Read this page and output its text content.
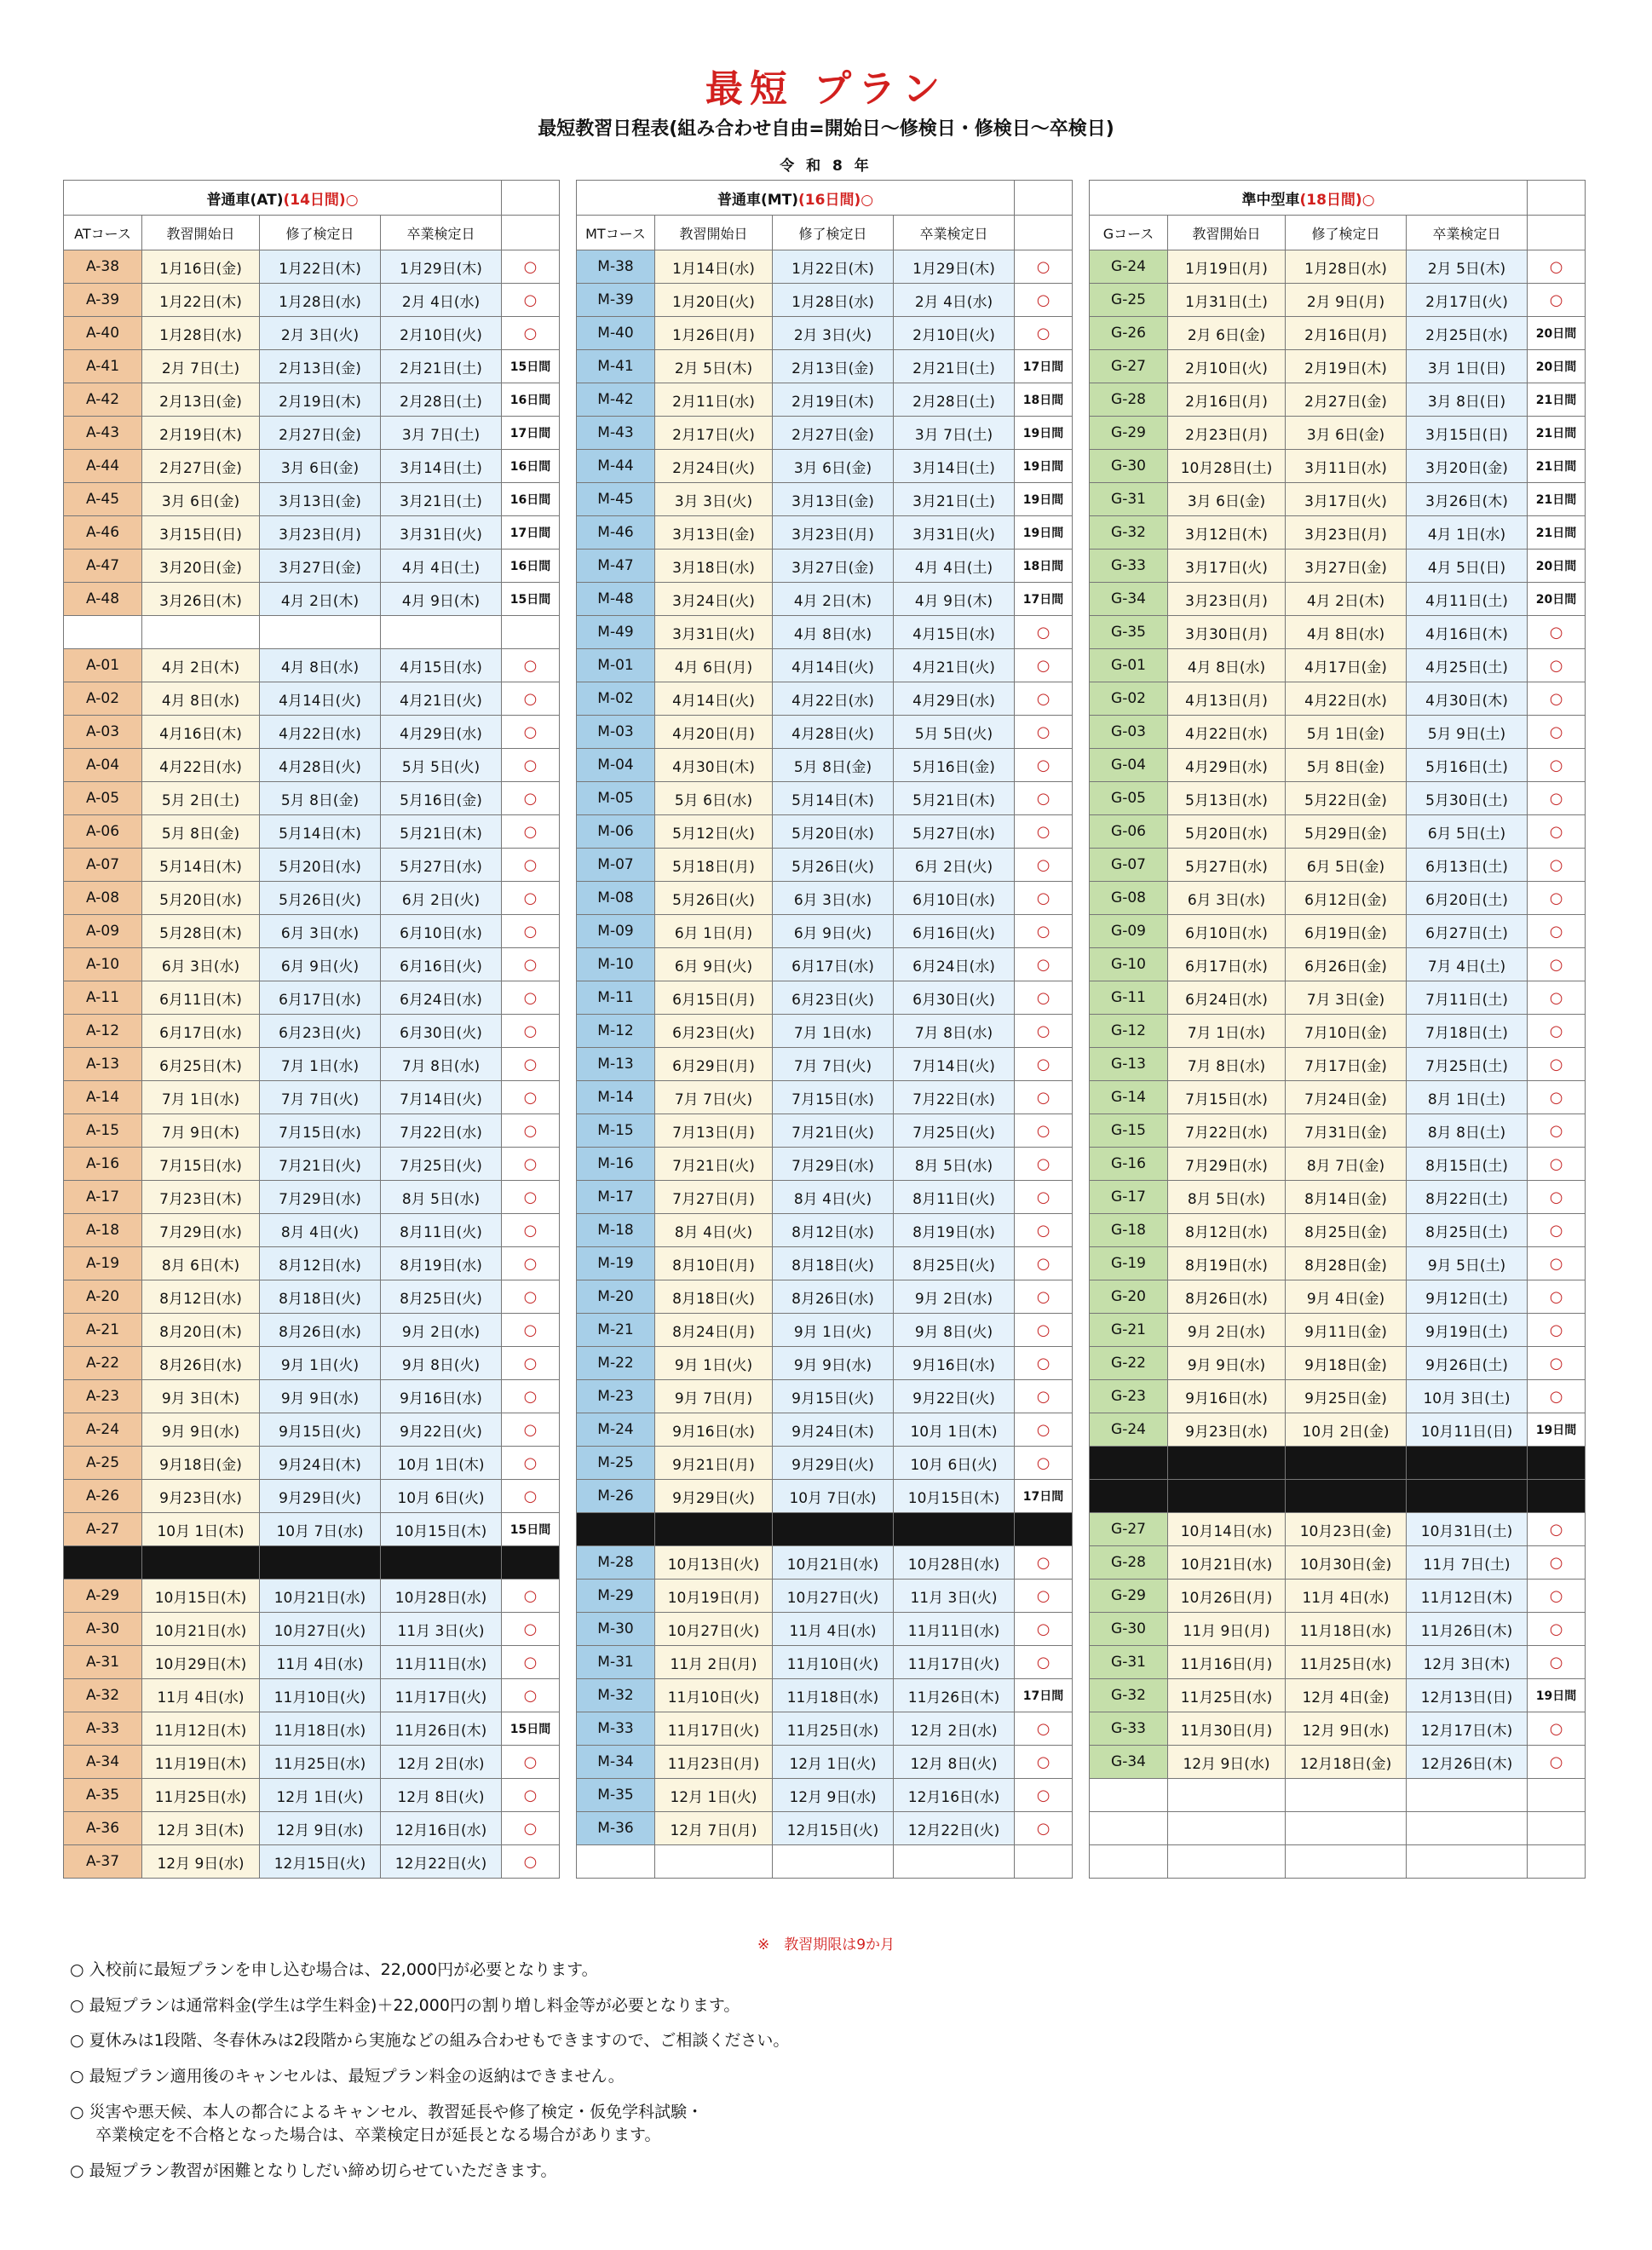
最短 プラン
最短教習日程表(組み合わせ自由=開始日～修検日・修検日～卒検日)
令 和 8 年
普通車(AT)(14日間)○				
ATコース	教習開始日	修了検定日	卒業検定日	
A-38	1月16日(金)	1月22日(木)	1月29日(木)	○
A-39	1月22日(木)	1月28日(水)	2月 4日(水)	○
A-40	1月28日(水)	2月 3日(火)	2月10日(火)	○
A-41	2月 7日(土)	2月13日(金)	2月21日(土)	15日間
A-42	2月13日(金)	2月19日(木)	2月28日(土)	16日間
A-43	2月19日(木)	2月27日(金)	3月 7日(土)	17日間
A-44	2月27日(金)	3月 6日(金)	3月14日(土)	16日間
A-45	3月 6日(金)	3月13日(金)	3月21日(土)	16日間
A-46	3月15日(日)	3月23日(月)	3月31日(火)	17日間
A-47	3月20日(金)	3月27日(金)	4月 4日(土)	16日間
A-48	3月26日(木)	4月 2日(木)	4月 9日(木)	15日間

A-01	4月 2日(木)	4月 8日(水)	4月15日(水)	○
A-02	4月 8日(水)	4月14日(火)	4月21日(火)	○
A-03	4月16日(木)	4月22日(水)	4月29日(水)	○
A-04	4月22日(水)	4月28日(火)	5月 5日(火)	○
A-05	5月 2日(土)	5月 8日(金)	5月16日(金)	○
A-06	5月 8日(金)	5月14日(木)	5月21日(木)	○
A-07	5月14日(木)	5月20日(水)	5月27日(水)	○
A-08	5月20日(水)	5月26日(火)	6月 2日(火)	○
A-09	5月28日(木)	6月 3日(水)	6月10日(水)	○
A-10	6月 3日(水)	6月 9日(火)	6月16日(火)	○
A-11	6月11日(木)	6月17日(水)	6月24日(水)	○
A-12	6月17日(水)	6月23日(火)	6月30日(火)	○
A-13	6月25日(木)	7月 1日(水)	7月 8日(水)	○
A-14	7月 1日(水)	7月 7日(火)	7月14日(火)	○
A-15	7月 9日(木)	7月15日(水)	7月22日(水)	○
A-16	7月15日(水)	7月21日(火)	7月25日(火)	○
A-17	7月23日(木)	7月29日(水)	8月 5日(水)	○
A-18	7月29日(水)	8月 4日(火)	8月11日(火)	○
A-19	8月 6日(木)	8月12日(水)	8月19日(水)	○
A-20	8月12日(水)	8月18日(火)	8月25日(火)	○
A-21	8月20日(木)	8月26日(水)	9月 2日(水)	○
A-22	8月26日(水)	9月 1日(火)	9月 8日(火)	○
A-23	9月 3日(木)	9月 9日(水)	9月16日(水)	○
A-24	9月 9日(水)	9月15日(火)	9月22日(火)	○
A-25	9月18日(金)	9月24日(木)	10月 1日(木)	○
A-26	9月23日(水)	9月29日(火)	10月 6日(火)	○
A-27	10月 1日(木)	10月 7日(水)	10月15日(木)	15日間

A-29	10月15日(木)	10月21日(水)	10月28日(水)	○
A-30	10月21日(水)	10月27日(火)	11月 3日(火)	○
A-31	10月29日(木)	11月 4日(水)	11月11日(水)	○
A-32	11月 4日(水)	11月10日(火)	11月17日(火)	○
A-33	11月12日(木)	11月18日(水)	11月26日(木)	15日間
A-34	11月19日(木)	11月25日(水)	12月 2日(水)	○
A-35	11月25日(水)	12月 1日(火)	12月 8日(火)	○
A-36	12月 3日(木)	12月 9日(水)	12月16日(水)	○
A-37	12月 9日(水)	12月15日(火)	12月22日(火)	○
普通車(MT)(16日間)○				
MTコース	教習開始日	修了検定日	卒業検定日	
M-38	1月14日(水)	1月22日(木)	1月29日(木)	○
M-39	1月20日(火)	1月28日(水)	2月 4日(水)	○
M-40	1月26日(月)	2月 3日(火)	2月10日(火)	○
M-41	2月 5日(木)	2月13日(金)	2月21日(土)	17日間
M-42	2月11日(水)	2月19日(木)	2月28日(土)	18日間
M-43	2月17日(火)	2月27日(金)	3月 7日(土)	19日間
M-44	2月24日(火)	3月 6日(金)	3月14日(土)	19日間
M-45	3月 3日(火)	3月13日(金)	3月21日(土)	19日間
M-46	3月13日(金)	3月23日(月)	3月31日(火)	19日間
M-47	3月18日(水)	3月27日(金)	4月 4日(土)	18日間
M-48	3月24日(火)	4月 2日(木)	4月 9日(木)	17日間
M-49	3月31日(火)	4月 8日(水)	4月15日(水)	○
M-01	4月 6日(月)	4月14日(火)	4月21日(火)	○
M-02	4月14日(火)	4月22日(水)	4月29日(水)	○
M-03	4月20日(月)	4月28日(火)	5月 5日(火)	○
M-04	4月30日(木)	5月 8日(金)	5月16日(金)	○
M-05	5月 6日(水)	5月14日(木)	5月21日(木)	○
M-06	5月12日(火)	5月20日(水)	5月27日(水)	○
M-07	5月18日(月)	5月26日(火)	6月 2日(火)	○
M-08	5月26日(火)	6月 3日(水)	6月10日(水)	○
M-09	6月 1日(月)	6月 9日(火)	6月16日(火)	○
M-10	6月 9日(火)	6月17日(水)	6月24日(水)	○
M-11	6月15日(月)	6月23日(火)	6月30日(火)	○
M-12	6月23日(火)	7月 1日(水)	7月 8日(水)	○
M-13	6月29日(月)	7月 7日(火)	7月14日(火)	○
M-14	7月 7日(火)	7月15日(水)	7月22日(水)	○
M-15	7月13日(月)	7月21日(火)	7月25日(火)	○
M-16	7月21日(火)	7月29日(水)	8月 5日(水)	○
M-17	7月27日(月)	8月 4日(火)	8月11日(火)	○
M-18	8月 4日(火)	8月12日(水)	8月19日(水)	○
M-19	8月10日(月)	8月18日(火)	8月25日(火)	○
M-20	8月18日(火)	8月26日(水)	9月 2日(水)	○
M-21	8月24日(月)	9月 1日(火)	9月 8日(火)	○
M-22	9月 1日(火)	9月 9日(水)	9月16日(水)	○
M-23	9月 7日(月)	9月15日(火)	9月22日(火)	○
M-24	9月16日(水)	9月24日(木)	10月 1日(木)	○
M-25	9月21日(月)	9月29日(火)	10月 6日(火)	○
M-26	9月29日(火)	10月 7日(水)	10月15日(木)	17日間

M-28	10月13日(火)	10月21日(水)	10月28日(水)	○
M-29	10月19日(月)	10月27日(火)	11月 3日(火)	○
M-30	10月27日(火)	11月 4日(水)	11月11日(水)	○
M-31	11月 2日(月)	11月10日(火)	11月17日(火)	○
M-32	11月10日(火)	11月18日(水)	11月26日(木)	17日間
M-33	11月17日(火)	11月25日(水)	12月 2日(水)	○
M-34	11月23日(月)	12月 1日(火)	12月 8日(火)	○
M-35	12月 1日(火)	12月 9日(水)	12月16日(水)	○
M-36	12月 7日(月)	12月15日(火)	12月22日(火)	○

準中型車(18日間)○				
Gコース	教習開始日	修了検定日	卒業検定日	
G-24	1月19日(月)	1月28日(水)	2月 5日(木)	○
G-25	1月31日(土)	2月 9日(月)	2月17日(火)	○
G-26	2月 6日(金)	2月16日(月)	2月25日(水)	20日間
G-27	2月10日(火)	2月19日(木)	3月 1日(日)	20日間
G-28	2月16日(月)	2月27日(金)	3月 8日(日)	21日間
G-29	2月23日(月)	3月 6日(金)	3月15日(日)	21日間
G-30	10月28日(土)	3月11日(水)	3月20日(金)	21日間
G-31	3月 6日(金)	3月17日(火)	3月26日(木)	21日間
G-32	3月12日(木)	3月23日(月)	4月 1日(水)	21日間
G-33	3月17日(火)	3月27日(金)	4月 5日(日)	20日間
G-34	3月23日(月)	4月 2日(木)	4月11日(土)	20日間
G-35	3月30日(月)	4月 8日(水)	4月16日(木)	○
G-01	4月 8日(水)	4月17日(金)	4月25日(土)	○
G-02	4月13日(月)	4月22日(水)	4月30日(木)	○
G-03	4月22日(水)	5月 1日(金)	5月 9日(土)	○
G-04	4月29日(水)	5月 8日(金)	5月16日(土)	○
G-05	5月13日(水)	5月22日(金)	5月30日(土)	○
G-06	5月20日(水)	5月29日(金)	6月 5日(土)	○
G-07	5月27日(水)	6月 5日(金)	6月13日(土)	○
G-08	6月 3日(水)	6月12日(金)	6月20日(土)	○
G-09	6月10日(水)	6月19日(金)	6月27日(土)	○
G-10	6月17日(水)	6月26日(金)	7月 4日(土)	○
G-11	6月24日(水)	7月 3日(金)	7月11日(土)	○
G-12	7月 1日(水)	7月10日(金)	7月18日(土)	○
G-13	7月 8日(水)	7月17日(金)	7月25日(土)	○
G-14	7月15日(水)	7月24日(金)	8月 1日(土)	○
G-15	7月22日(水)	7月31日(金)	8月 8日(土)	○
G-16	7月29日(水)	8月 7日(金)	8月15日(土)	○
G-17	8月 5日(水)	8月14日(金)	8月22日(土)	○
G-18	8月12日(水)	8月25日(金)	8月25日(土)	○
G-19	8月19日(水)	8月28日(金)	9月 5日(土)	○
G-20	8月26日(水)	9月 4日(金)	9月12日(土)	○
G-21	9月 2日(水)	9月11日(金)	9月19日(土)	○
G-22	9月 9日(水)	9月18日(金)	9月26日(土)	○
G-23	9月16日(水)	9月25日(金)	10月 3日(土)	○
G-24	9月23日(水)	10月 2日(金)	10月11日(日)	19日間

G-27	10月14日(水)	10月23日(金)	10月31日(土)	○
G-28	10月21日(水)	10月30日(金)	11月 7日(土)	○
G-29	10月26日(月)	11月 4日(水)	11月12日(木)	○
G-30	11月 9日(月)	11月18日(水)	11月26日(木)	○
G-31	11月16日(月)	11月25日(水)	12月 3日(木)	○
G-32	11月25日(水)	12月 4日(金)	12月13日(日)	19日間
G-33	11月30日(月)	12月 9日(水)	12月17日(木)	○
G-34	12月 9日(水)	12月18日(金)	12月26日(木)	○

※　教習期限は9か月
○ 入校前に最短プランを申し込む場合は、22,000円が必要となります。
○ 最短プランは通常料金(学生は学生料金)＋22,000円の割り増し料金等が必要となります。
○ 夏休みは1段階、冬春休みは2段階から実施などの組み合わせもできますので、ご相談ください。
○ 最短プラン適用後のキャンセルは、最短プラン料金の返納はできません。
○ 災害や悪天候、本人の都合によるキャンセル、教習延長や修了検定・仮免学科試験・
卒業検定を不合格となった場合は、卒業検定日が延長となる場合があります。
○ 最短プラン教習が困難となりしだい締め切らせていただきます。
